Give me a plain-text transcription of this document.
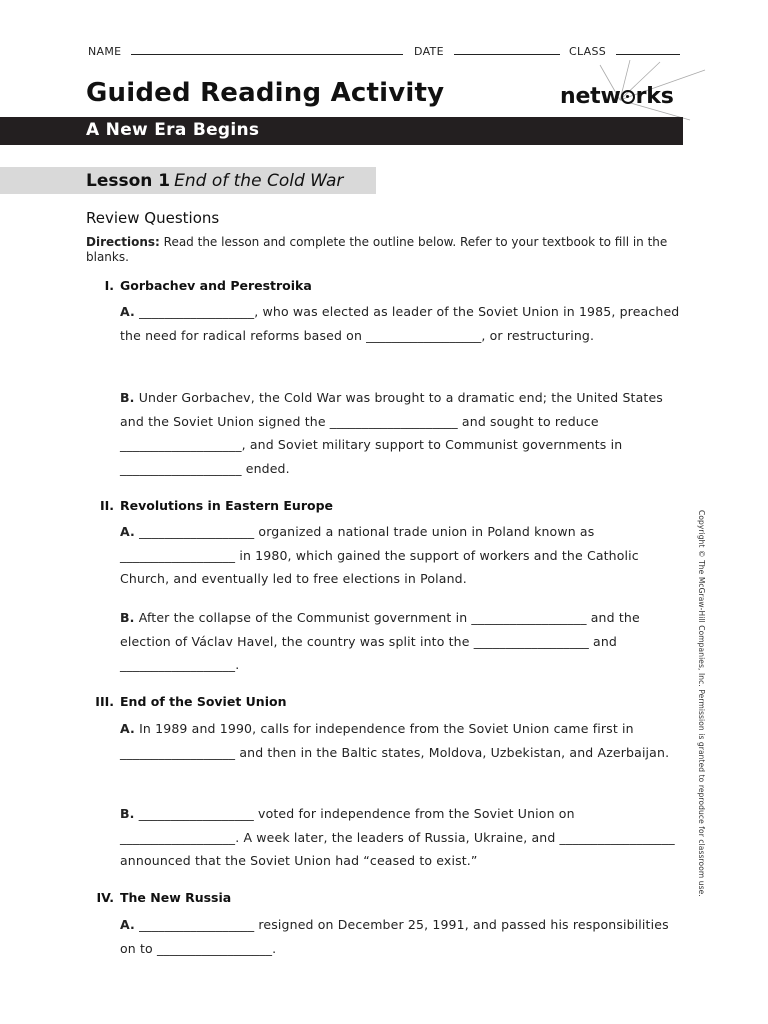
NAME	DATE	CLASS
Guided Reading Activity	netw rks
A New Era Begins
Lesson 1 End of the Cold War
Review Questions
Directions: Read the lesson and complete the outline below. Refer to your textbook to fill in the blanks.
I. Gorbachev and Perestroika
A. __________________, who was elected as leader of the Soviet Union in 1985, preached the need for radical reforms based on __________________, or restructuring.
B. Under Gorbachev, the Cold War was brought to a dramatic end; the United States and the Soviet Union signed the ____________________ and sought to reduce ___________________, and Soviet military support to Communist governments in ___________________ ended.
II. Revolutions in Eastern Europe
A. __________________ organized a national trade union in Poland known as __________________ in 1980, which gained the support of workers and the Catholic Church, and eventually led to free elections in Poland.
B. After the collapse of the Communist government in __________________ and the election of Václav Havel, the country was split into the __________________ and __________________.
III. End of the Soviet Union
A. In 1989 and 1990, calls for independence from the Soviet Union came first in __________________ and then in the Baltic states, Moldova, Uzbekistan, and Azerbaijan.
B. __________________ voted for independence from the Soviet Union on __________________. A week later, the leaders of Russia, Ukraine, and __________________ announced that the Soviet Union had “ceased to exist.”
IV. The New Russia
A. __________________ resigned on December 25, 1991, and passed his responsibilities on to __________________.
Copyright © The McGraw-Hill Companies, Inc. Permission is granted to reproduce for classroom use.
